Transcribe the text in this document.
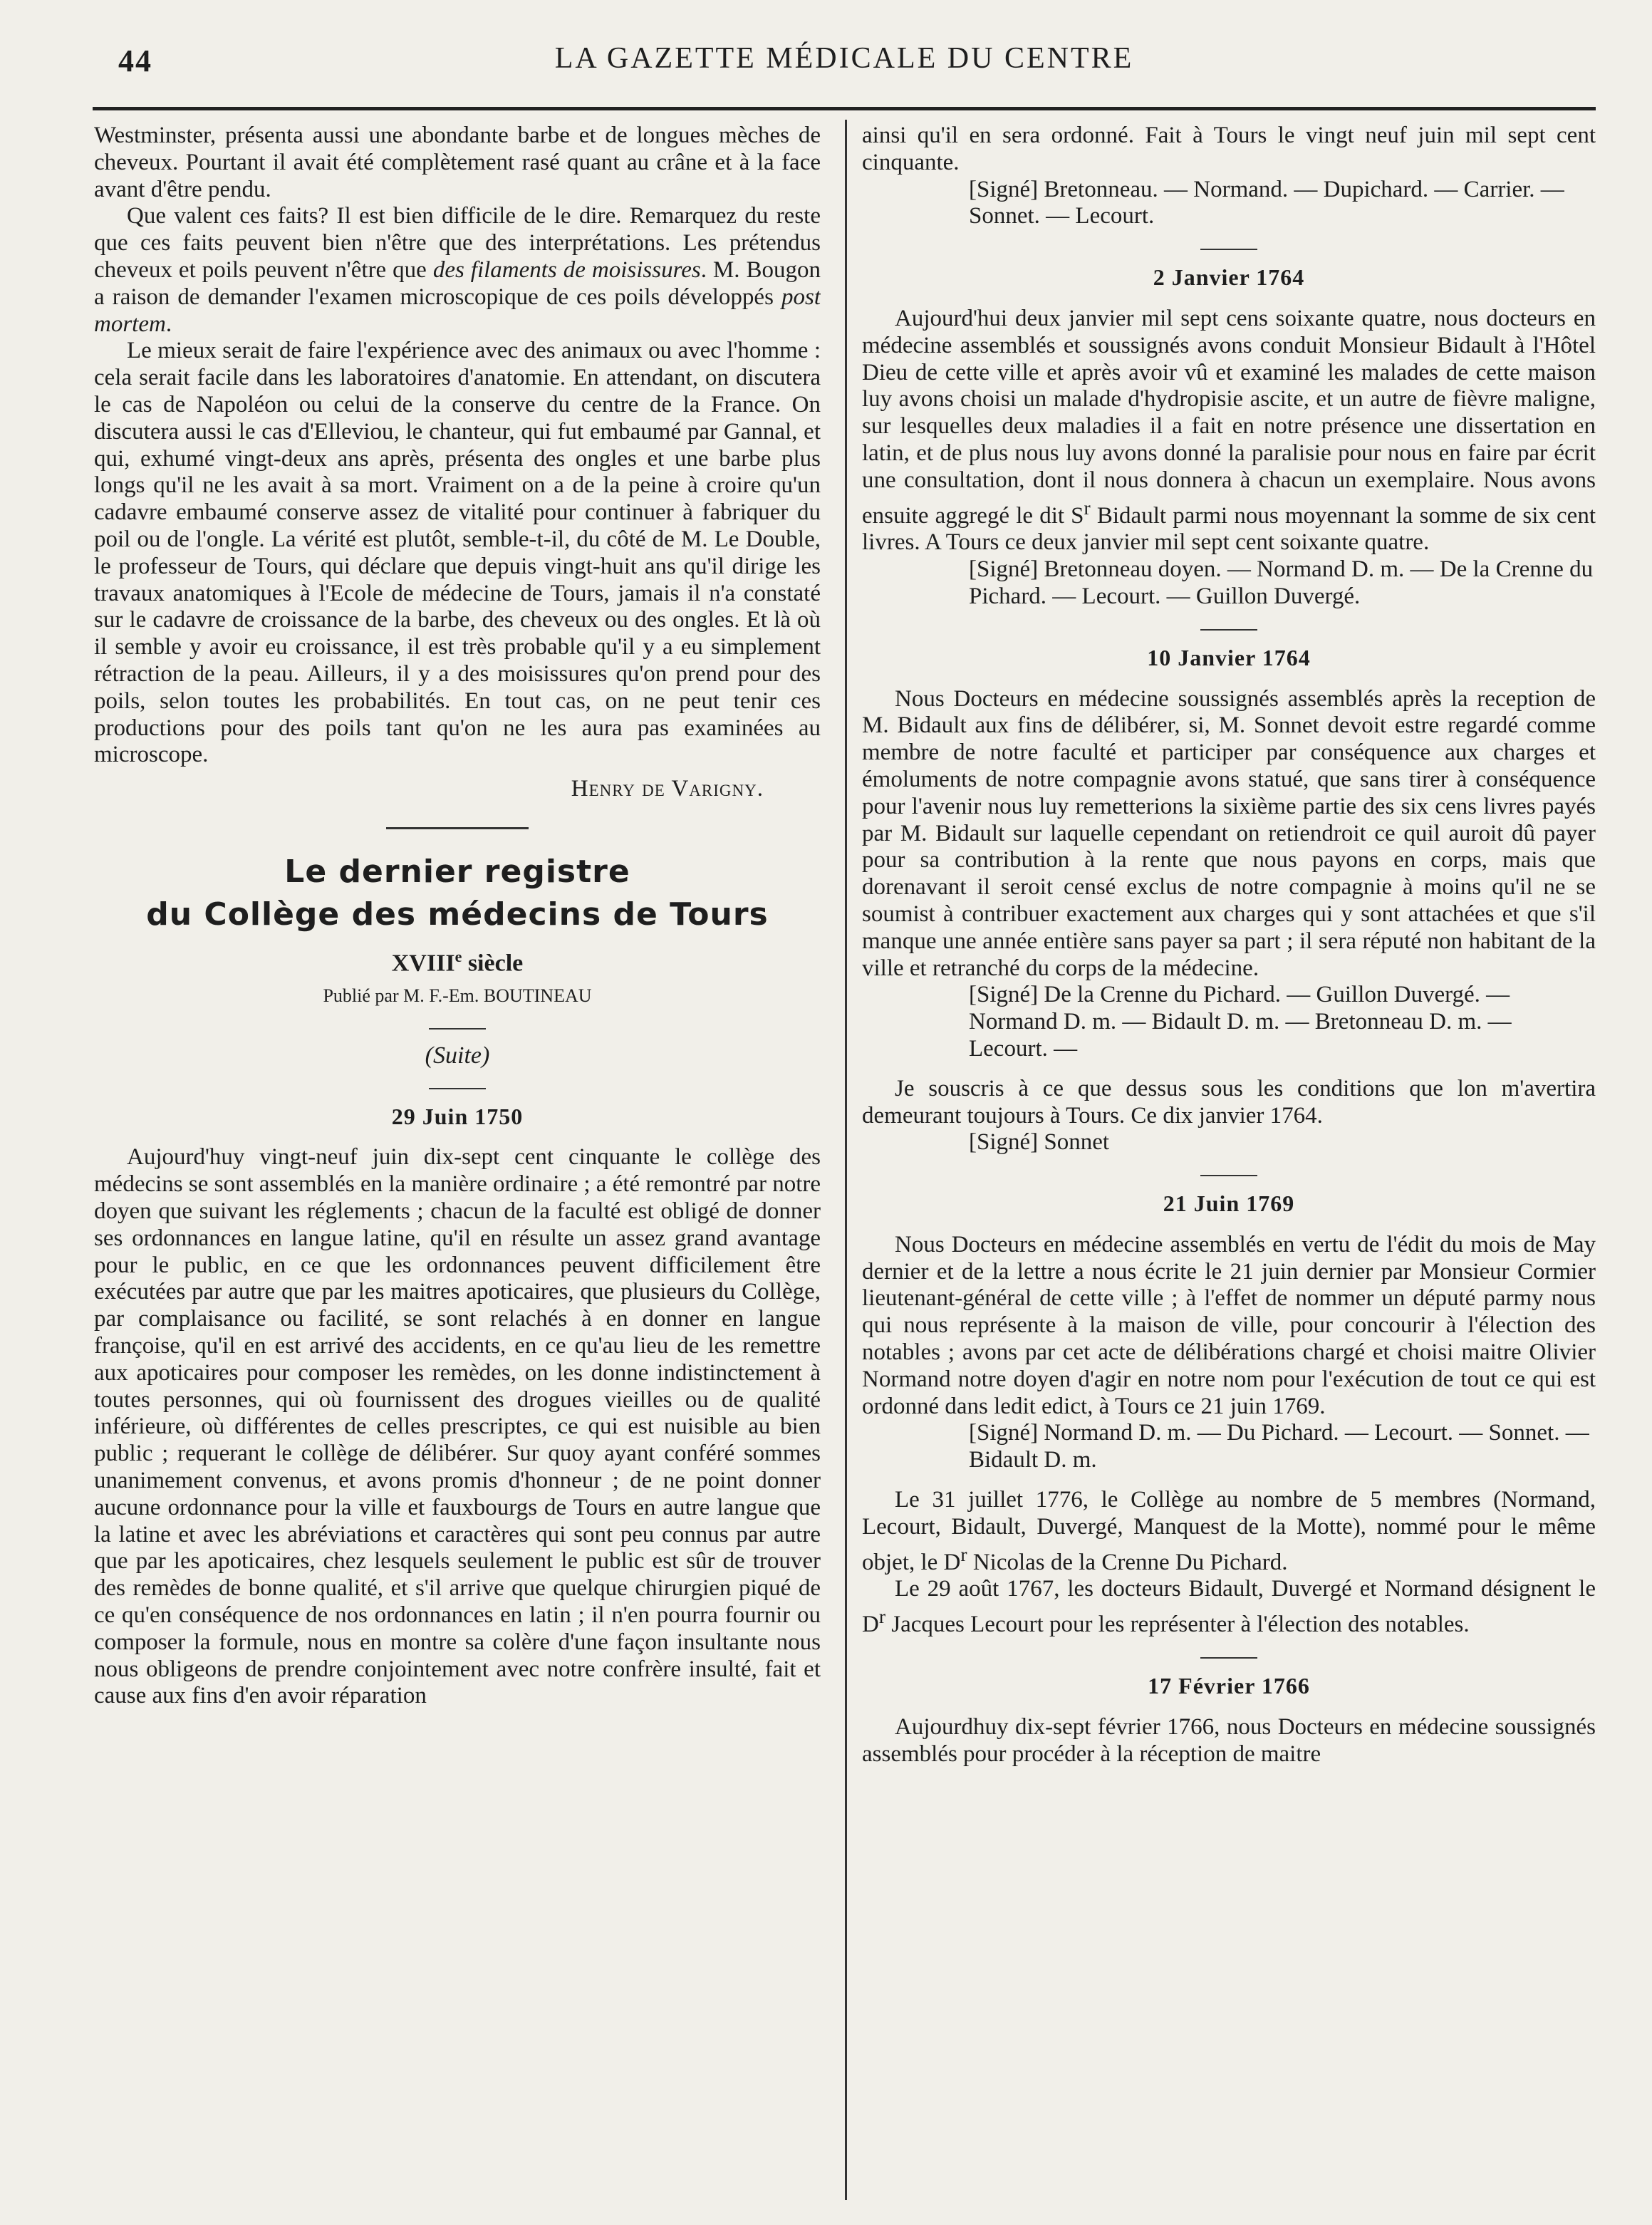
44	LA GAZETTE MÉDICALE DU CENTRE

Westminster, présenta aussi une abondante barbe et de longues mèches de cheveux. Pourtant il avait été complètement rasé quant au crâne et à la face avant d'être pendu.

Que valent ces faits? Il est bien difficile de le dire. Remarquez du reste que ces faits peuvent bien n'être que des interprétations. Les prétendus cheveux et poils peuvent n'être que des filaments de moisissures. M. Bougon a raison de demander l'examen microscopique de ces poils développés post mortem.

Le mieux serait de faire l'expérience avec des animaux ou avec l'homme : cela serait facile dans les laboratoires d'anatomie. En attendant, on discutera le cas de Napoléon ou celui de la conserve du centre de la France. On discutera aussi le cas d'Elleviou, le chanteur, qui fut embaumé par Gannal, et qui, exhumé vingt-deux ans après, présenta des ongles et une barbe plus longs qu'il ne les avait à sa mort. Vraiment on a de la peine à croire qu'un cadavre embaumé conserve assez de vitalité pour continuer à fabriquer du poil ou de l'ongle. La vérité est plutôt, semble-t-il, du côté de M. Le Double, le professeur de Tours, qui déclare que depuis vingt-huit ans qu'il dirige les travaux anatomiques à l'Ecole de médecine de Tours, jamais il n'a constaté sur le cadavre de croissance de la barbe, des cheveux ou des ongles. Et là où il semble y avoir eu croissance, il est très probable qu'il y a eu simplement rétraction de la peau. Ailleurs, il y a des moisissures qu'on prend pour des poils, selon toutes les probabilités. En tout cas, on ne peut tenir ces productions pour des poils tant qu'on ne les aura pas examinées au microscope.

Henry de Varigny.

Le dernier registre

du Collège des médecins de Tours

XVIIIe siècle

Publié par M. F.-Em. BOUTINEAU

(Suite)

29 Juin 1750

Aujourd'huy vingt-neuf juin dix-sept cent cinquante le collège des médecins se sont assemblés en la manière ordinaire ; a été remontré par notre doyen que suivant les réglements ; chacun de la faculté est obligé de donner ses ordonnances en langue latine, qu'il en résulte un assez grand avantage pour le public, en ce que les ordonnances peuvent difficilement être exécutées par autre que par les maitres apoticaires, que plusieurs du Collège, par complaisance ou facilité, se sont relachés à en donner en langue françoise, qu'il en est arrivé des accidents, en ce qu'au lieu de les remettre aux apoticaires pour composer les remèdes, on les donne indistinctement à toutes personnes, qui où fournissent des drogues vieilles ou de qualité inférieure, où différentes de celles prescriptes, ce qui est nuisible au bien public ; requerant le collège de délibérer. Sur quoy ayant conféré sommes unanimement convenus, et avons promis d'honneur ; de ne point donner aucune ordonnance pour la ville et fauxbourgs de Tours en autre langue que la latine et avec les abréviations et caractères qui sont peu connus par autre que par les apoticaires, chez lesquels seulement le public est sûr de trouver des remèdes de bonne qualité, et s'il arrive que quelque chirurgien piqué de ce qu'en conséquence de nos ordonnances en latin ; il n'en pourra fournir ou composer la formule, nous en montre sa colère d'une façon insultante nous nous obligeons de prendre conjointement avec notre confrère insulté, fait et cause aux fins d'en avoir réparation

ainsi qu'il en sera ordonné. Fait à Tours le vingt neuf juin mil sept cent cinquante.

[Signé] Bretonneau. — Normand. — Dupichard. — Carrier. — Sonnet. — Lecourt.

2 Janvier 1764

Aujourd'hui deux janvier mil sept cens soixante quatre, nous docteurs en médecine assemblés et soussignés avons conduit Monsieur Bidault à l'Hôtel Dieu de cette ville et après avoir vû et examiné les malades de cette maison luy avons choisi un malade d'hydropisie ascite, et un autre de fièvre maligne, sur lesquelles deux maladies il a fait en notre présence une dissertation en latin, et de plus nous luy avons donné la paralisie pour nous en faire par écrit une consultation, dont il nous donnera à chacun un exemplaire. Nous avons ensuite aggregé le dit $S^r$ Bidault parmi nous moyennant la somme de six cent livres. A Tours ce deux janvier mil sept cent soixante quatre.

[Signé] Bretonneau doyen. — Normand D. m. — De la Crenne du Pichard. — Lecourt. — Guillon Duvergé.

10 Janvier 1764

Nous Docteurs en médecine soussignés assemblés après la reception de M. Bidault aux fins de délibérer, si, M. Sonnet devoit estre regardé comme membre de notre faculté et participer par conséquence aux charges et émoluments de notre compagnie avons statué, que sans tirer à conséquence pour l'avenir nous luy remetterions la sixième partie des six cens livres payés par M. Bidault sur laquelle cependant on retiendroit ce quil auroit dû payer pour sa contribution à la rente que nous payons en corps, mais que dorenavant il seroit censé exclus de notre compagnie à moins qu'il ne se soumist à contribuer exactement aux charges qui y sont attachées et que s'il manque une année entière sans payer sa part ; il sera réputé non habitant de la ville et retranché du corps de la médecine.

[Signé] De la Crenne du Pichard. — Guillon Duvergé. — Normand D. m. — Bidault D. m. — Bretonneau D. m. — Lecourt. —

Je souscris à ce que dessus sous les conditions que lon m'avertira demeurant toujours à Tours. Ce dix janvier 1764.

[Signé] Sonnet

21 Juin 1769

Nous Docteurs en médecine assemblés en vertu de l'édit du mois de May dernier et de la lettre a nous écrite le 21 juin dernier par Monsieur Cormier lieutenant-général de cette ville ; à l'effet de nommer un député parmy nous qui nous représente à la maison de ville, pour concourir à l'élection des notables ; avons par cet acte de délibérations chargé et choisi maitre Olivier Normand notre doyen d'agir en notre nom pour l'exécution de tout ce qui est ordonné dans ledit edict, à Tours ce 21 juin 1769.

[Signé] Normand D. m. — Du Pichard. — Lecourt. — Sonnet. — Bidault D. m.

Le 31 juillet 1776, le Collège au nombre de 5 membres (Normand, Lecourt, Bidault, Duvergé, Manquest de la Motte), nommé pour le même objet, le $D^r$ Nicolas de la Crenne Du Pichard.

Le 29 août 1767, les docteurs Bidault, Duvergé et Normand désignent le $D^r$ Jacques Lecourt pour les représenter à l'élection des notables.

17 Février 1766

Aujourdhuy dix-sept février 1766, nous Docteurs en médecine soussignés assemblés pour procéder à la réception de maitre
